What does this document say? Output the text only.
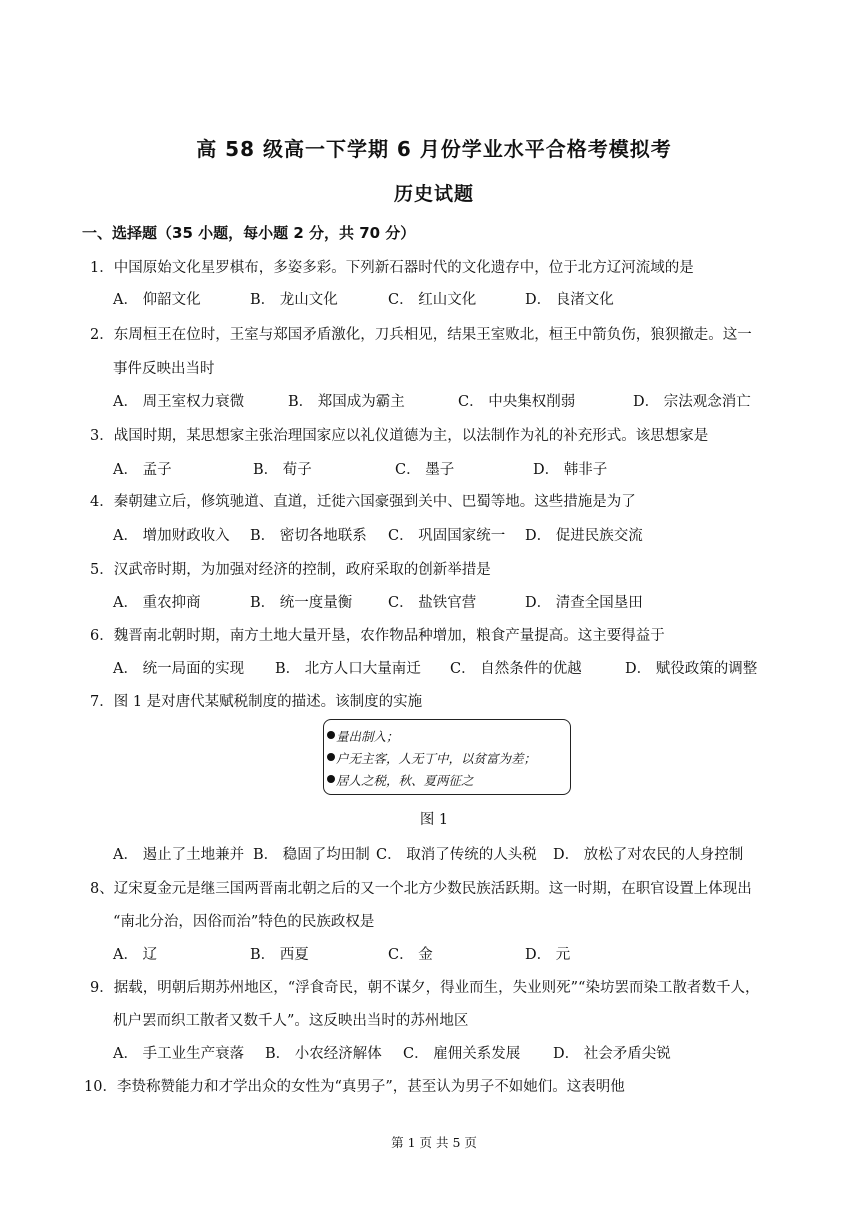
高 58 级高一下学期 6 月份学业水平合格考模拟考
历史试题
一、选择题（35 小题，每小题 2 分，共 70 分）
1．中国原始文化星罗棋布，多姿多彩。下列新石器时代的文化遗存中，位于北方辽河流域的是
A． 仰韶文化	B． 龙山文化	C． 红山文化	D． 良渚文化
2．东周桓王在位时，王室与郑国矛盾激化，刀兵相见，结果王室败北，桓王中箭负伤，狼狈撤走。这一
事件反映出当时
A． 周王室权力衰微	B． 郑国成为霸主	C． 中央集权削弱	D． 宗法观念消亡
3．战国时期，某思想家主张治理国家应以礼仪道德为主，以法制作为礼的补充形式。该思想家是
A． 孟子	B． 荀子	C． 墨子	D． 韩非子
4．秦朝建立后，修筑驰道、直道，迁徙六国豪强到关中、巴蜀等地。这些措施是为了
A． 增加财政收入 B． 密切各地联系 C． 巩固国家统一 D． 促进民族交流
5．汉武帝时期，为加强对经济的控制，政府采取的创新举措是
A． 重农抑商	B． 统一度量衡 C． 盐铁官营	D． 清查全国垦田
6．魏晋南北朝时期，南方土地大量开垦，农作物品种增加，粮食产量提高。这主要得益于
A． 统一局面的实现 B． 北方人口大量南迁 C． 自然条件的优越	D． 赋役政策的调整
7．图 1 是对唐代某赋税制度的描述。该制度的实施
量出制入；
户无主客，人无丁中，以贫富为差；
居人之税，秋、夏两征之
图 1
A． 遏止了土地兼并 B． 稳固了均田制 C． 取消了传统的人头税 D． 放松了对农民的人身控制
8、辽宋夏金元是继三国两晋南北朝之后的又一个北方少数民族活跃期。这一时期，在职官设置上体现出
“南北分治，因俗而治”特色的民族政权是
A． 辽	B． 西夏	C． 金	D． 元
9．据载，明朝后期苏州地区，“浮食奇民，朝不谋夕，得业而生，失业则死”“染坊罢而染工散者数千人，
机户罢而织工散者又数千人”。这反映出当时的苏州地区
A． 手工业生产衰落 B． 小农经济解体 C． 雇佣关系发展 D． 社会矛盾尖锐
10．李贽称赞能力和才学出众的女性为“真男子”，甚至认为男子不如她们。这表明他
第 1 页 共 5 页
